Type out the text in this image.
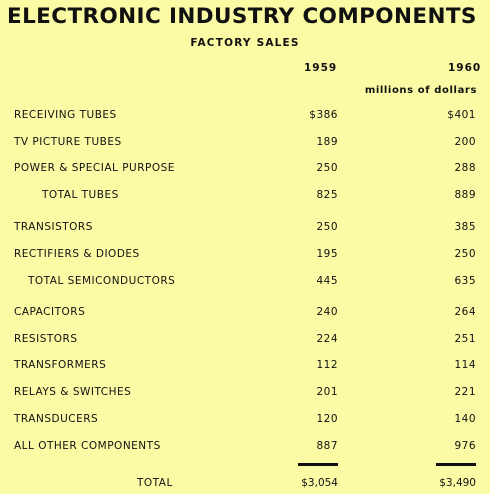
ELECTRONIC INDUSTRY COMPONENTS
FACTORY SALES
1959	1960
millions of dollars
RECEIVING TUBES	$386	$401
TV PICTURE TUBES	189	200
POWER & SPECIAL PURPOSE	250	288
TOTAL TUBES	825	889
TRANSISTORS	250	385
RECTIFIERS & DIODES	195	250
TOTAL SEMICONDUCTORS	445	635
CAPACITORS	240	264
RESISTORS	224	251
TRANSFORMERS	112	114
RELAYS & SWITCHES	201	221
TRANSDUCERS	120	140
ALL OTHER COMPONENTS	887	976
TOTAL	$3,054	$3,490
